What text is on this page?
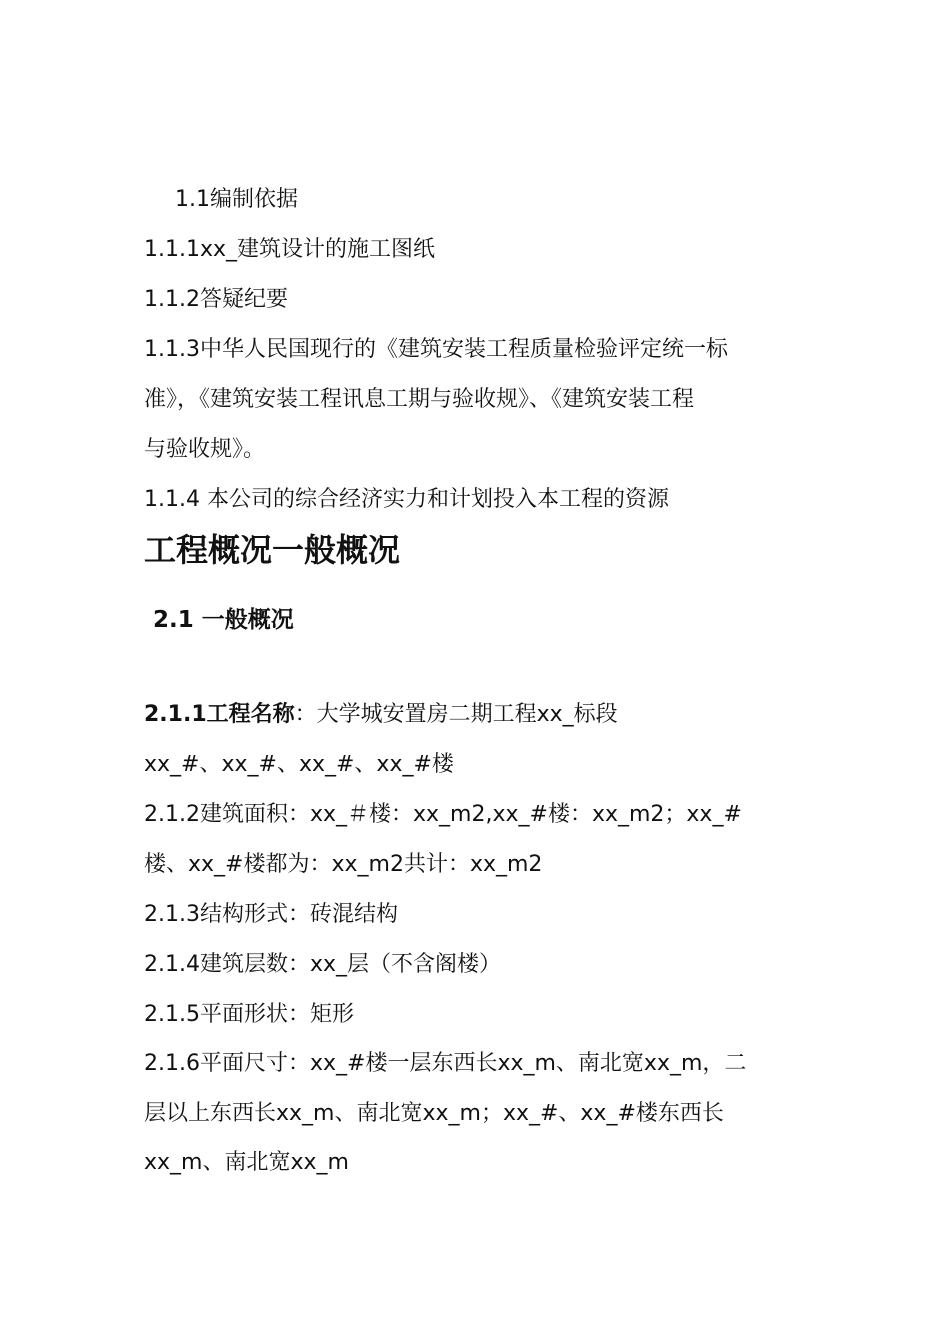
1.1编制依据
1.1.1xx_建筑设计的施工图纸
1.1.2答疑纪要
1.1.3中华人民国现行的《建筑安装工程质量检验评定统一标
准》，《建筑安装工程讯息工期与验收规》、《建筑安装工程
与验收规》。
1.1.4 本公司的综合经济实力和计划投入本工程的资源
工程概况一般概况
2.1 一般概况
2.1.1工程名称：大学城安置房二期工程xx_标段
xx_#、xx_#、xx_#、xx_#楼
2.1.2建筑面积：xx_＃楼：xx_m2,xx_#楼：xx_m2；xx_#
楼、xx_#楼都为：xx_m2共计：xx_m2
2.1.3结构形式：砖混结构
2.1.4建筑层数：xx_层（不含阁楼）
2.1.5平面形状：矩形
2.1.6平面尺寸：xx_#楼一层东西长xx_m、南北宽xx_m，二
层以上东西长xx_m、南北宽xx_m；xx_#、xx_#楼东西长
xx_m、南北宽xx_m
